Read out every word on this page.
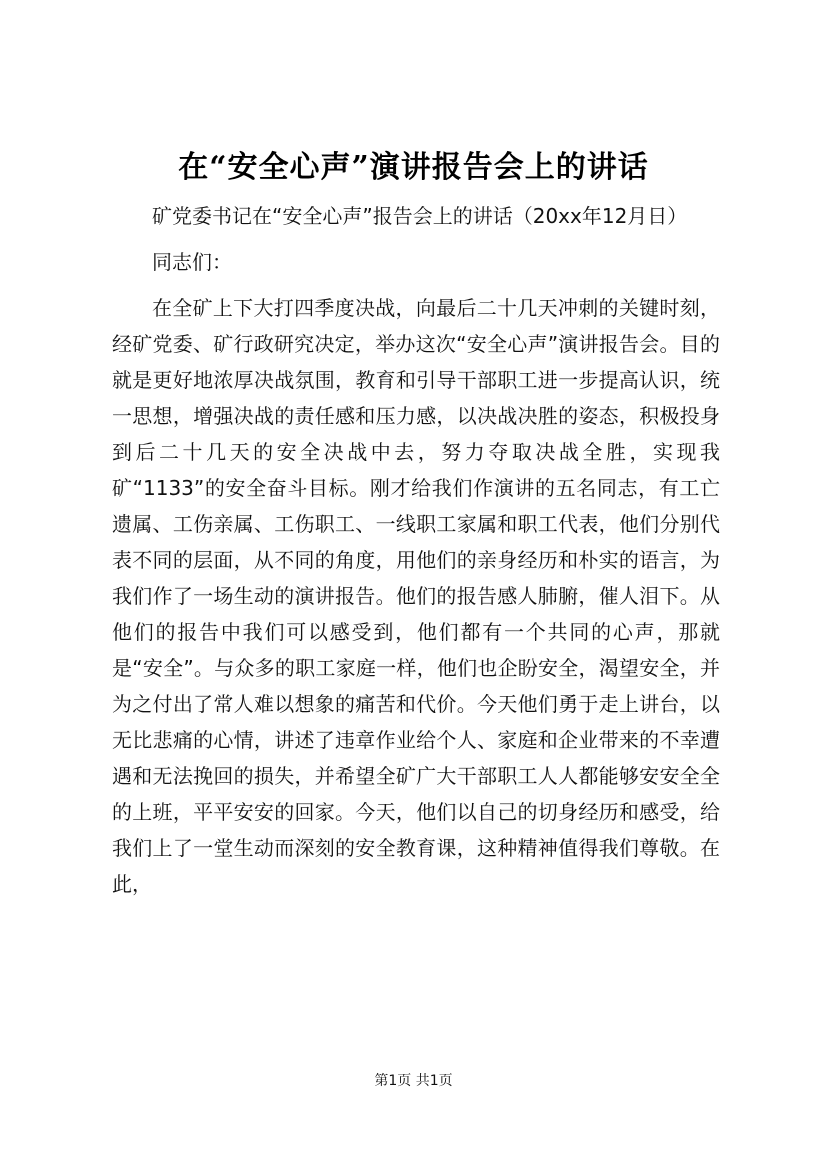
在“安全心声”演讲报告会上的讲话

矿党委书记在“安全心声”报告会上的讲话（20xx年12月日）

同志们：

在全矿上下大打四季度决战，向最后二十几天冲刺的关键时刻，经矿党委、矿行政研究决定，举办这次“安全心声”演讲报告会。目的就是更好地浓厚决战氛围，教育和引导干部职工进一步提高认识，统一思想，增强决战的责任感和压力感，以决战决胜的姿态，积极投身到后二十几天的安全决战中去，努力夺取决战全胜，实现我矿“1133”的安全奋斗目标。刚才给我们作演讲的五名同志，有工亡遗属、工伤亲属、工伤职工、一线职工家属和职工代表，他们分别代表不同的层面，从不同的角度，用他们的亲身经历和朴实的语言，为我们作了一场生动的演讲报告。他们的报告感人肺腑，催人泪下。从他们的报告中我们可以感受到，他们都有一个共同的心声，那就是“安全”。与众多的职工家庭一样，他们也企盼安全，渴望安全，并为之付出了常人难以想象的痛苦和代价。今天他们勇于走上讲台，以无比悲痛的心情，讲述了违章作业给个人、家庭和企业带来的不幸遭遇和无法挽回的损失，并希望全矿广大干部职工人人都能够安安全全的上班，平平安安的回家。今天，他们以自己的切身经历和感受，给我们上了一堂生动而深刻的安全教育课，这种精神值得我们尊敬。在此，

第1页 共1页
